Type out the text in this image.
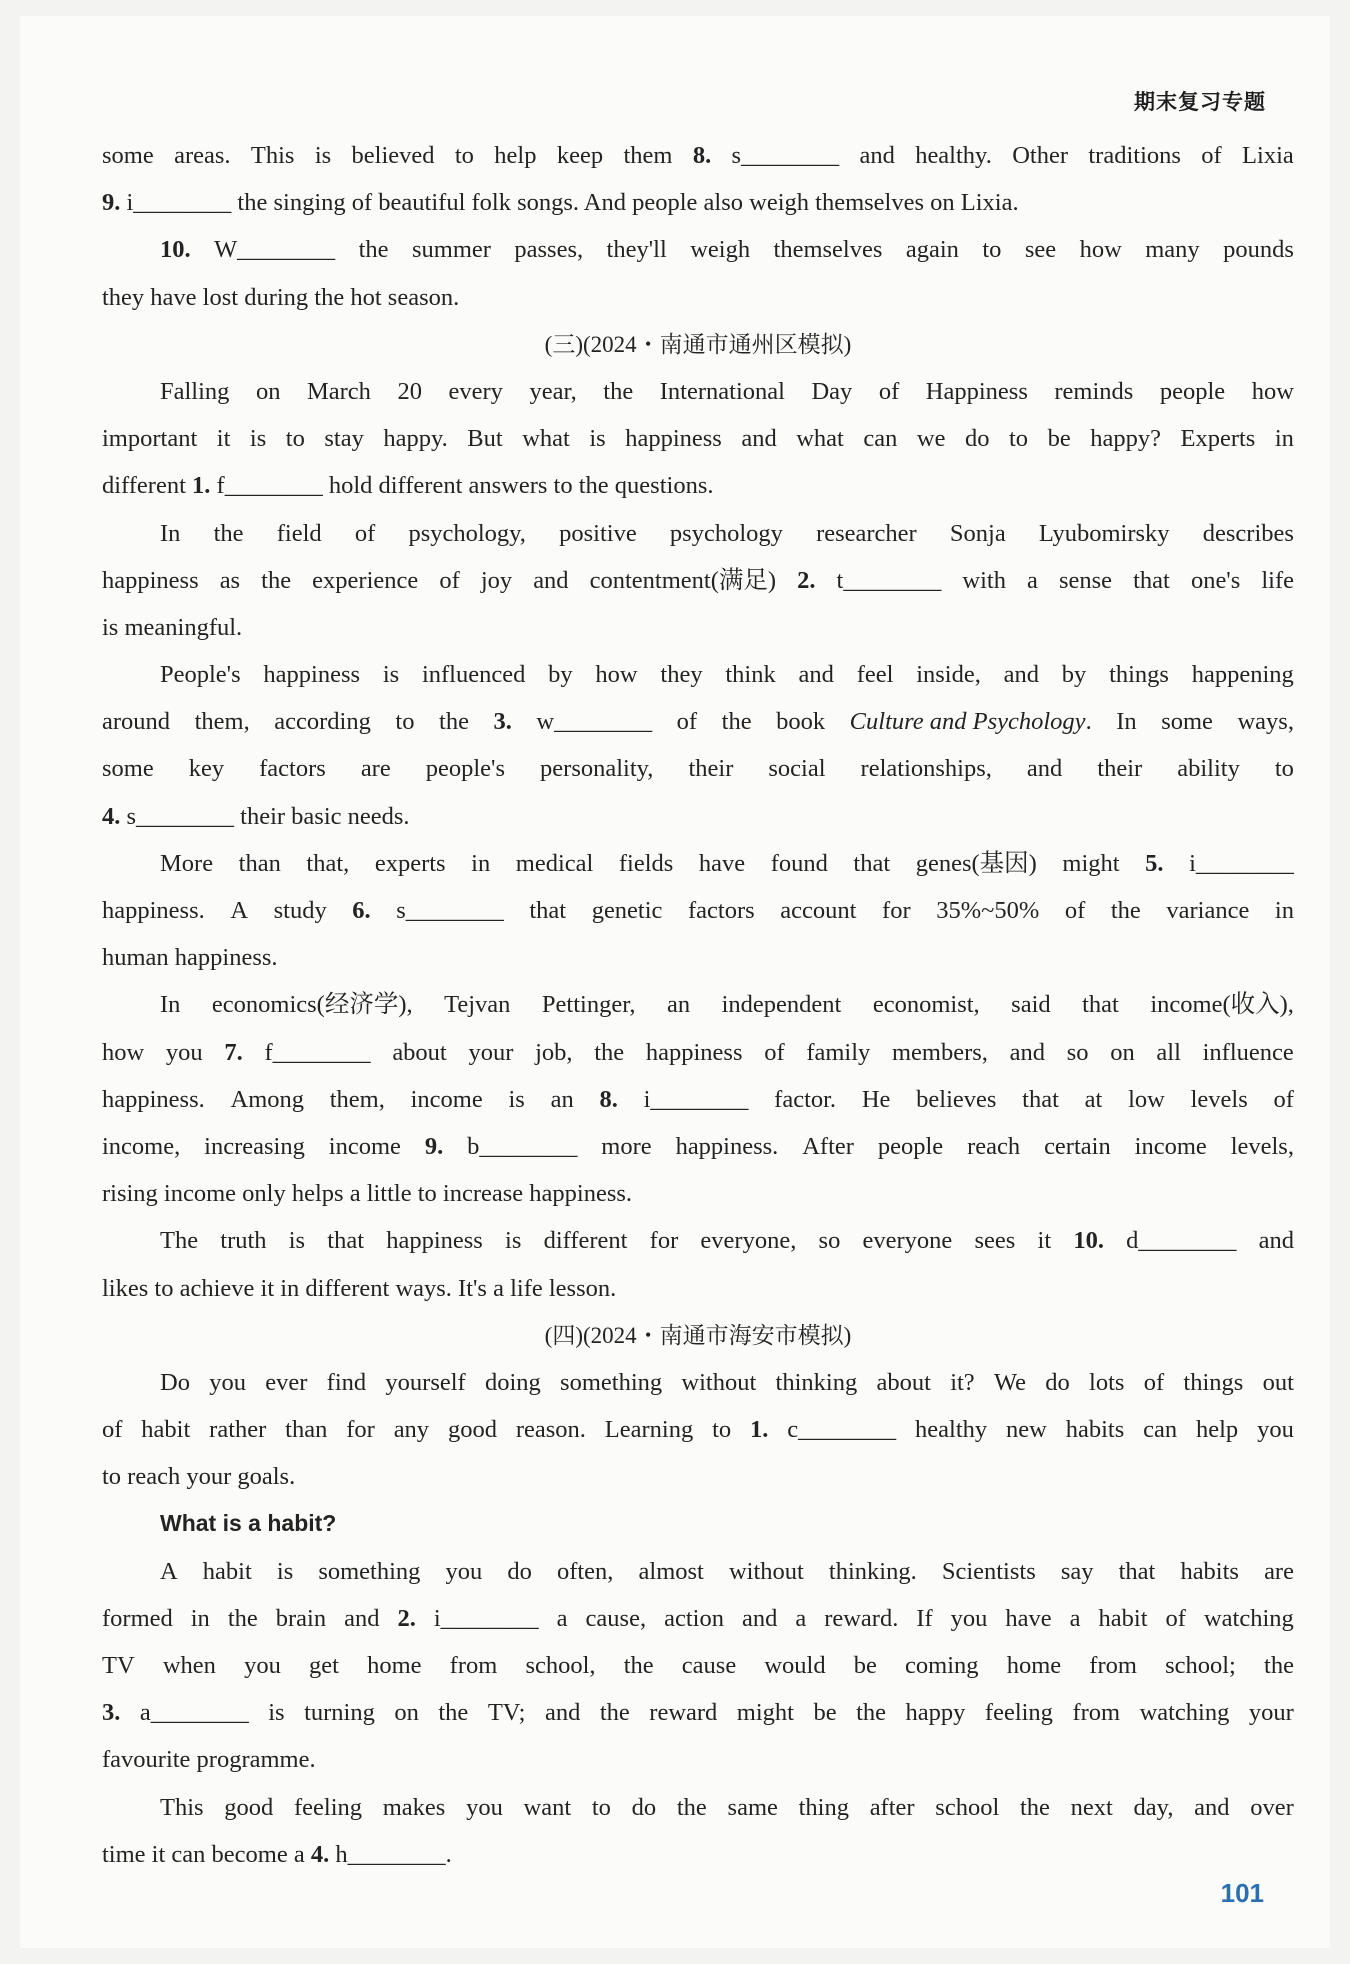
期末复习专题
some areas. This is believed to help keep them 8. s________ and healthy. Other traditions of Lixia
9. i________ the singing of beautiful folk songs. And people also weigh themselves on Lixia.
10. W________ the summer passes, they'll weigh themselves again to see how many pounds
they have lost during the hot season.
(三)(2024・南通市通州区模拟)
Falling on March 20 every year, the International Day of Happiness reminds people how
important it is to stay happy. But what is happiness and what can we do to be happy? Experts in
different 1. f________ hold different answers to the questions.
In the field of psychology, positive psychology researcher Sonja Lyubomirsky describes
happiness as the experience of joy and contentment(满足) 2. t________ with a sense that one's life
is meaningful.
People's happiness is influenced by how they think and feel inside, and by things happening
around them, according to the 3. w________ of the book Culture and Psychology. In some ways,
some key factors are people's personality, their social relationships, and their ability to
4. s________ their basic needs.
More than that, experts in medical fields have found that genes(基因) might 5. i________
happiness. A study 6. s________ that genetic factors account for 35%~50% of the variance in
human happiness.
In economics(经济学), Tejvan Pettinger, an independent economist, said that income(收入),
how you 7. f________ about your job, the happiness of family members, and so on all influence
happiness. Among them, income is an 8. i________ factor. He believes that at low levels of
income, increasing income 9. b________ more happiness. After people reach certain income levels,
rising income only helps a little to increase happiness.
The truth is that happiness is different for everyone, so everyone sees it 10. d________ and
likes to achieve it in different ways. It's a life lesson.
(四)(2024・南通市海安市模拟)
Do you ever find yourself doing something without thinking about it? We do lots of things out
of habit rather than for any good reason. Learning to 1. c________ healthy new habits can help you
to reach your goals.
What is a habit?
A habit is something you do often, almost without thinking. Scientists say that habits are
formed in the brain and 2. i________ a cause, action and a reward. If you have a habit of watching
TV when you get home from school, the cause would be coming home from school; the
3. a________ is turning on the TV; and the reward might be the happy feeling from watching your
favourite programme.
This good feeling makes you want to do the same thing after school the next day, and over
time it can become a 4. h________.
101
